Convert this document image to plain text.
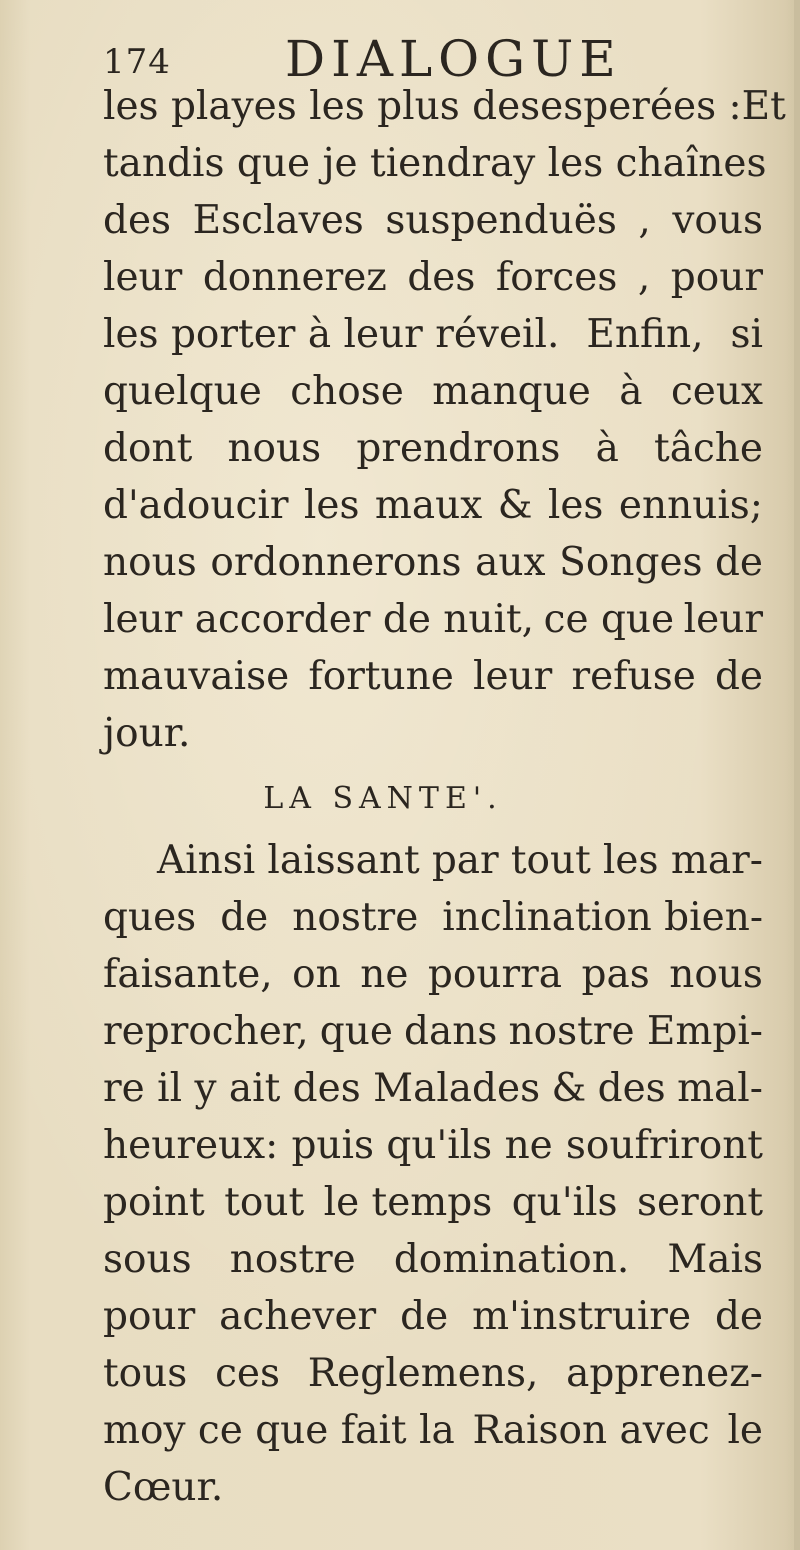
174 DIALOGUE
les playes les plus desesperées : Et
tandis que je tiendray les chaînes
des Esclaves suspenduës , vous
leur donnerez des forces , pour
les porter à leur réveil. Enfin, si
quelque chose manque à ceux
dont nous prendrons à tâche
d'adoucir les maux & les ennuis;
nous ordonnerons aux Songes de
leur accorder de nuit, ce que leur
mauvaise fortune leur refuse de
jour.
LA SANTE'.
Ainsi laissant par tout les mar-
ques de nostre inclination bien-
faisante, on ne pourra pas nous
reprocher, que dans nostre Empi-
re il y ait des Malades & des mal-
heureux: puis qu'ils ne soufriront
point tout le temps qu'ils seront
sous nostre domination. Mais
pour achever de m'instruire de
tous ces Reglemens, apprenez-
moy ce que fait la Raison avec le
Cœur.
